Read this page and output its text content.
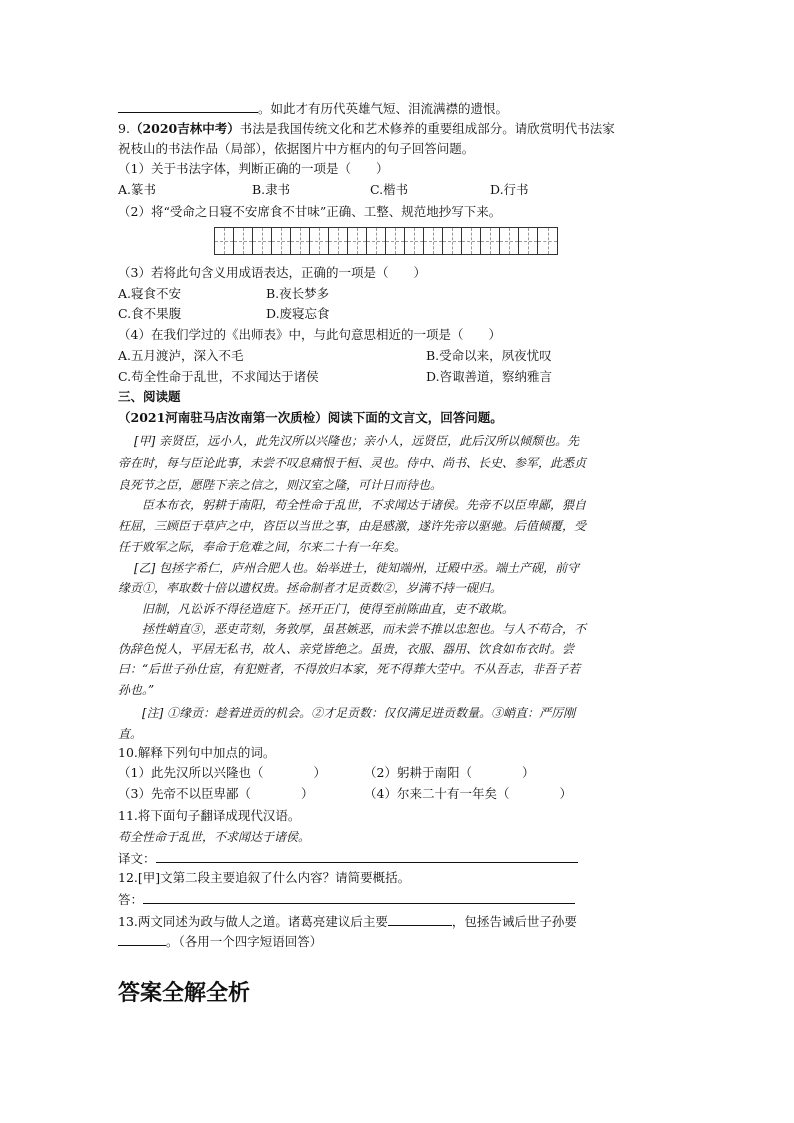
。如此才有历代英雄气短、泪流满襟的遗恨。
9.（2020吉林中考）书法是我国传统文化和艺术修养的重要组成部分。请欣赏明代书法家
祝枝山的书法作品（局部），依据图片中方框内的句子回答问题。
（1）关于书法字体，判断正确的一项是（　　）
A.篆书	B.隶书	C.楷书	D.行书
（2）将“受命之日寝不安席食不甘味”正确、工整、规范地抄写下来。
（3）若将此句含义用成语表达，正确的一项是（　　）
A.寝食不安	B.夜长梦多
C.食不果腹	D.废寝忘食
（4）在我们学过的《出师表》中，与此句意思相近的一项是（　　）
A.五月渡泸，深入不毛	B.受命以来，夙夜忧叹
C.苟全性命于乱世，不求闻达于诸侯	D.咨诹善道，察纳雅言
三、阅读题
（2021河南驻马店汝南第一次质检）阅读下面的文言文，回答问题。
[甲] 亲贤臣，远小人，此先汉所以兴隆也；亲小人，远贤臣，此后汉所以倾颓也。先
帝在时，每与臣论此事，未尝不叹息痛恨于桓、灵也。侍中、尚书、长史、参军，此悉贞
良死节之臣，愿陛下亲之信之，则汉室之隆，可计日而待也。
臣本布衣，躬耕于南阳，苟全性命于乱世，不求闻达于诸侯。先帝不以臣卑鄙，猥自
枉屈，三顾臣于草庐之中，咨臣以当世之事，由是感激，遂许先帝以驱驰。后值倾覆，受
任于败军之际，奉命于危难之间，尔来二十有一年矣。
[乙] 包拯字希仁，庐州合肥人也。始举进士，徙知端州，迁殿中丞。端土产砚，前守
缘贡①，率取数十倍以遗权贵。拯命制者才足贡数②，岁满不持一砚归。
旧制，凡讼诉不得径造庭下。拯开正门，使得至前陈曲直，吏不敢欺。
拯性峭直③，恶吏苛刻，务敦厚，虽甚嫉恶，而未尝不推以忠恕也。与人不苟合，不
伪辞色悦人，平居无私书，故人、亲党皆绝之。虽贵，衣服、器用、饮食如布衣时。尝
曰：“后世子孙仕宦，有犯赃者，不得放归本家，死不得葬大茔中。不从吾志，非吾子若
孙也。”
[注] ①缘贡：趁着进贡的机会。②才足贡数：仅仅满足进贡数量。③峭直：严厉刚
直。
10.解释下列句中加点的词。
（1）此先汉所以兴隆也（　　　　）	（2）躬耕于南阳（　　　　）
（3）先帝不以臣卑鄙（　　　　）	（4）尔来二十有一年矣（　　　　）
11.将下面句子翻译成现代汉语。
苟全性命于乱世，不求闻达于诸侯。
译文：
12.[甲]文第二段主要追叙了什么内容？请简要概括。
答：
13.两文同述为政与做人之道。诸葛亮建议后主要	，包拯告诫后世子孙要
。（各用一个四字短语回答）
答案全解全析
